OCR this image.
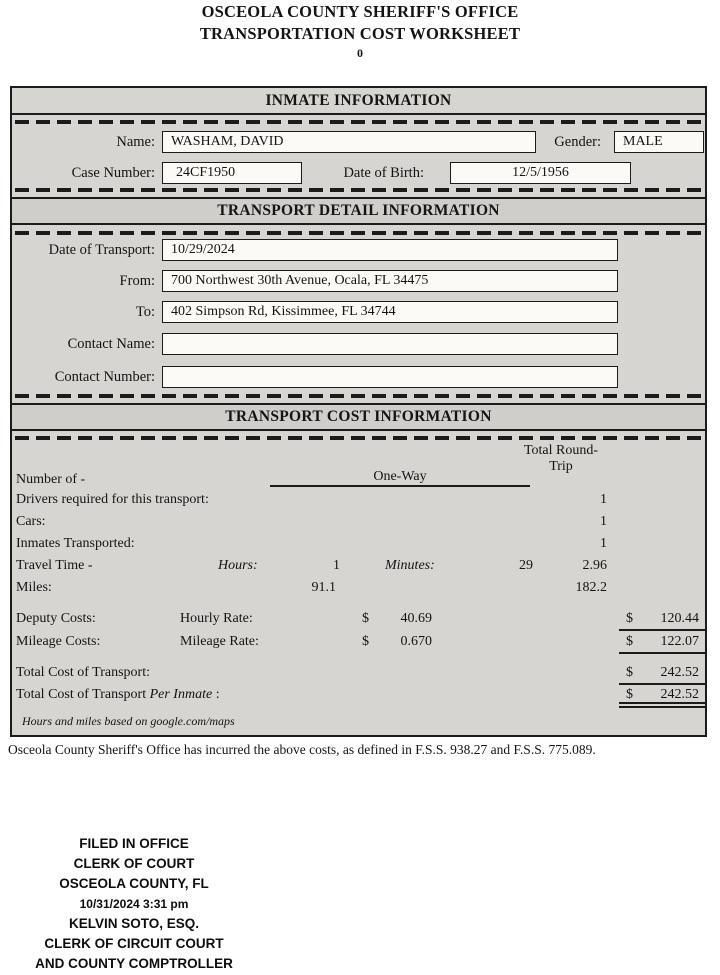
OSCEOLA COUNTY SHERIFF'S OFFICE
TRANSPORTATION COST WORKSHEET
0
INMATE INFORMATION
Name:	WASHAM, DAVID	Gender:	MALE
Case Number:	24CF1950	Date of Birth:	12/5/1956
TRANSPORT DETAIL INFORMATION
Date of Transport:	10/29/2024
From:	700 Northwest 30th Avenue, Ocala, FL 34475
To:	402 Simpson Rd, Kissimmee, FL 34744
Contact Name:
Contact Number:
TRANSPORT COST INFORMATION
Total Round-
Trip
Number of -	One-Way
Drivers required for this transport:	1
Cars:	1
Inmates Transported:	1
Travel Time -	Hours:	1	Minutes:	29	2.96
Miles:	91.1	182.2
Deputy Costs:	Hourly Rate:	$ 40.69	$ 120.44
Mileage Costs:	Mileage Rate:	$ 0.670	$ 122.07
Total Cost of Transport:	$ 242.52
Total Cost of Transport Per Inmate :	$ 242.52
Hours and miles based on google.com/maps
Osceola County Sheriff's Office has incurred the above costs, as defined in F.S.S. 938.27 and F.S.S. 775.089.
FILED IN OFFICE
CLERK OF COURT
OSCEOLA COUNTY, FL
10/31/2024 3:31 pm
KELVIN SOTO, ESQ.
CLERK OF CIRCUIT COURT
AND COUNTY COMPTROLLER
